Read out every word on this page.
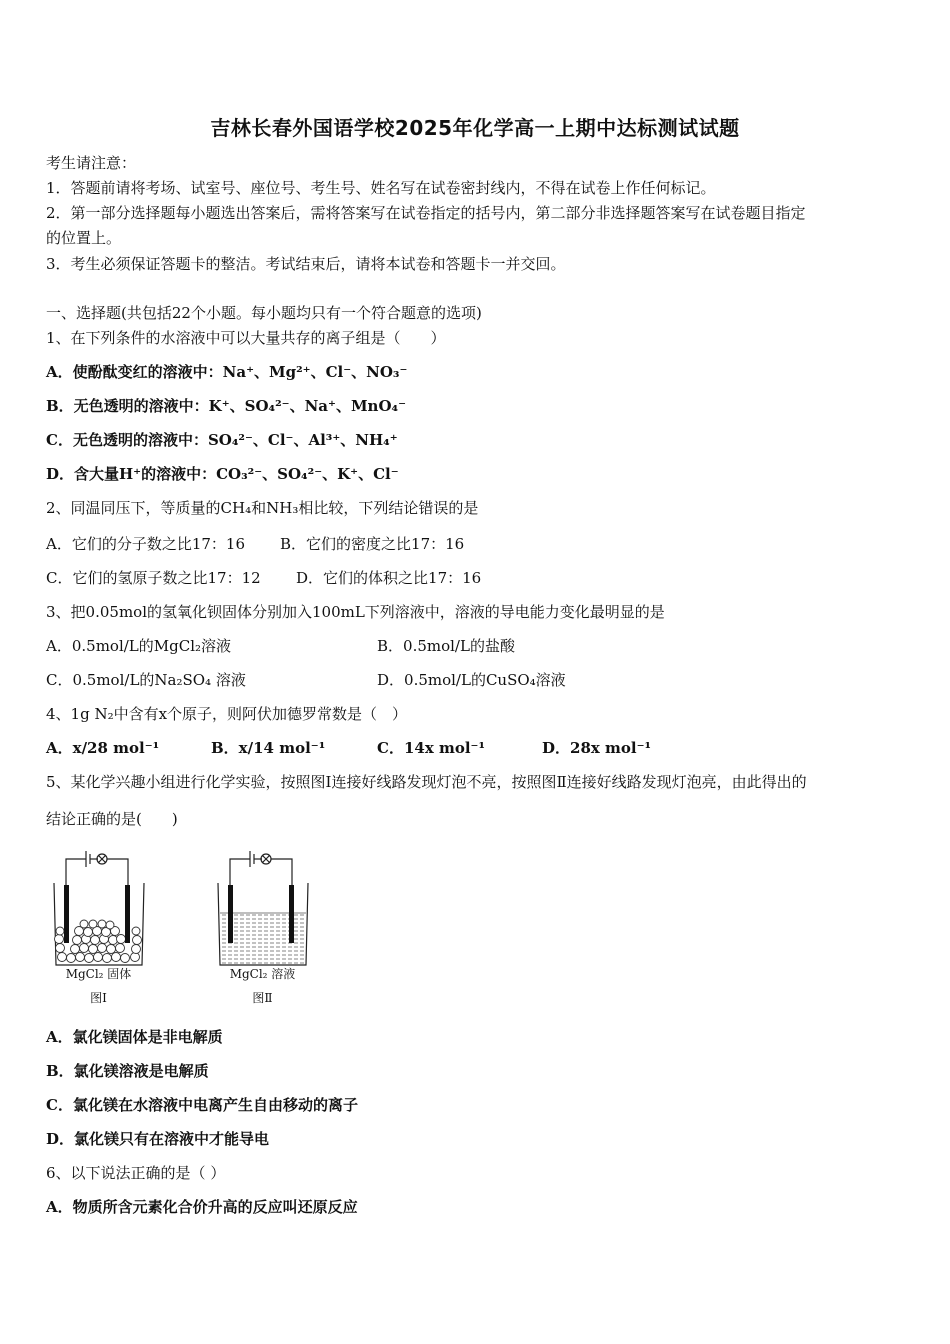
吉林长春外国语学校2025年化学高一上期中达标测试试题
考生请注意：
1．答题前请将考场、试室号、座位号、考生号、姓名写在试卷密封线内，不得在试卷上作任何标记。
2．第一部分选择题每小题选出答案后，需将答案写在试卷指定的括号内，第二部分非选择题答案写在试卷题目指定
的位置上。
3．考生必须保证答题卡的整洁。考试结束后，请将本试卷和答题卡一并交回。
一、选择题(共包括22个小题。每小题均只有一个符合题意的选项)
1、在下列条件的水溶液中可以大量共存的离子组是（　　）
A．使酚酞变红的溶液中：Na⁺、Mg²⁺、Cl⁻、NO₃⁻
B．无色透明的溶液中：K⁺、SO₄²⁻、Na⁺、MnO₄⁻
C．无色透明的溶液中：SO₄²⁻、Cl⁻、Al³⁺、NH₄⁺
D．含大量H⁺的溶液中：CO₃²⁻、SO₄²⁻、K⁺、Cl⁻
2、同温同压下，等质量的CH₄和NH₃相比较，下列结论错误的是
A．它们的分子数之比17：16 B．它们的密度之比17：16
C．它们的氢原子数之比17：12 D．它们的体积之比17：16
3、把0.05mol的氢氧化钡固体分别加入100mL下列溶液中，溶液的导电能力变化最明显的是
A．0.5mol/L的MgCl₂溶液	B．0.5mol/L的盐酸
C．0.5mol/L的Na₂SO₄ 溶液	D．0.5mol/L的CuSO₄溶液
4、1g N₂中含有x个原子，则阿伏加德罗常数是（　）
A．x/28 mol⁻¹	B．x/14 mol⁻¹	C．14x mol⁻¹	D．28x mol⁻¹
5、某化学兴趣小组进行化学实验，按照图Ⅰ连接好线路发现灯泡不亮，按照图Ⅱ连接好线路发现灯泡亮，由此得出的
结论正确的是(　　)
MgCl₂ 固体
图Ⅰ
MgCl₂ 溶液
图Ⅱ
A．氯化镁固体是非电解质
B．氯化镁溶液是电解质
C．氯化镁在水溶液中电离产生自由移动的离子
D．氯化镁只有在溶液中才能导电
6、以下说法正确的是（ ）
A．物质所含元素化合价升高的反应叫还原反应
